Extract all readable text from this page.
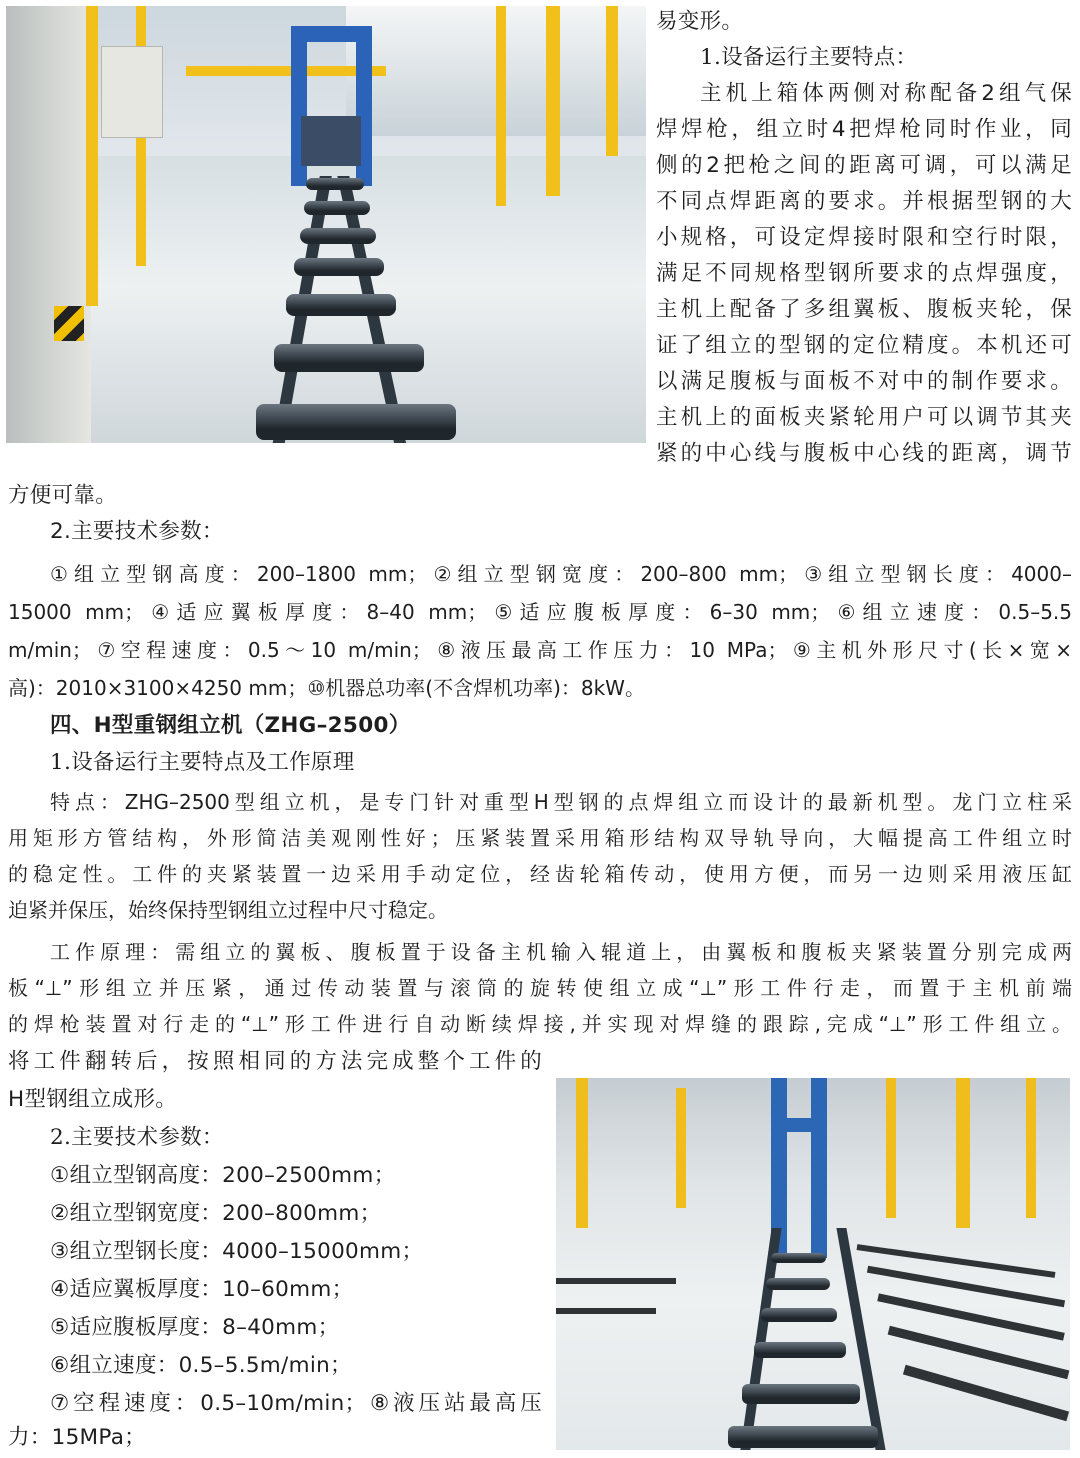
易变形。
1.设备运行主要特点：
主机上箱体两侧对称配备2组气保
焊焊枪，组立时4把焊枪同时作业，同
侧的2把枪之间的距离可调，可以满足
不同点焊距离的要求。并根据型钢的大
小规格，可设定焊接时限和空行时限，
满足不同规格型钢所要求的点焊强度，
主机上配备了多组翼板、腹板夹轮，保
证了组立的型钢的定位精度。本机还可
以满足腹板与面板不对中的制作要求。
主机上的面板夹紧轮用户可以调节其夹
紧的中心线与腹板中心线的距离，调节
方便可靠。
2.主要技术参数：
①组立型钢高度：200–1800 mm；②组立型钢宽度：200–800 mm；③组立型钢长度：4000–
15000 mm；④适应翼板厚度：8–40 mm；⑤适应腹板厚度：6–30 mm；⑥组立速度：0.5–5.5
m/min；⑦空程速度：0.5～10 m/min；⑧液压最高工作压力：10 MPa；⑨主机外形尺寸(长×宽×
高)：2010×3100×4250 mm；⑩机器总功率(不含焊机功率)：8kW。
四、H型重钢组立机（ZHG–2500）
1.设备运行主要特点及工作原理
特点：ZHG–2500型组立机，是专门针对重型H型钢的点焊组立而设计的最新机型。龙门立柱采
用矩形方管结构，外形简洁美观刚性好；压紧装置采用箱形结构双导轨导向，大幅提高工件组立时
的稳定性。工件的夹紧装置一边采用手动定位，经齿轮箱传动，使用方便，而另一边则采用液压缸
迫紧并保压，始终保持型钢组立过程中尺寸稳定。
工作原理：需组立的翼板、腹板置于设备主机输入辊道上，由翼板和腹板夹紧装置分别完成两
板“⊥”形组立并压紧，通过传动装置与滚筒的旋转使组立成“⊥”形工件行走，而置于主机前端
的焊枪装置对行走的“⊥”形工件进行自动断续焊接,并实现对焊缝的跟踪,完成“⊥”形工件组立。
将工件翻转后，按照相同的方法完成整个工件的
H型钢组立成形。
2.主要技术参数：
①组立型钢高度：200–2500mm；
②组立型钢宽度：200–800mm；
③组立型钢长度：4000–15000mm；
④适应翼板厚度：10–60mm；
⑤适应腹板厚度：8–40mm；
⑥组立速度：0.5–5.5m/min；
⑦空程速度：0.5–10m/min；⑧液压站最高压
力：15MPa；
